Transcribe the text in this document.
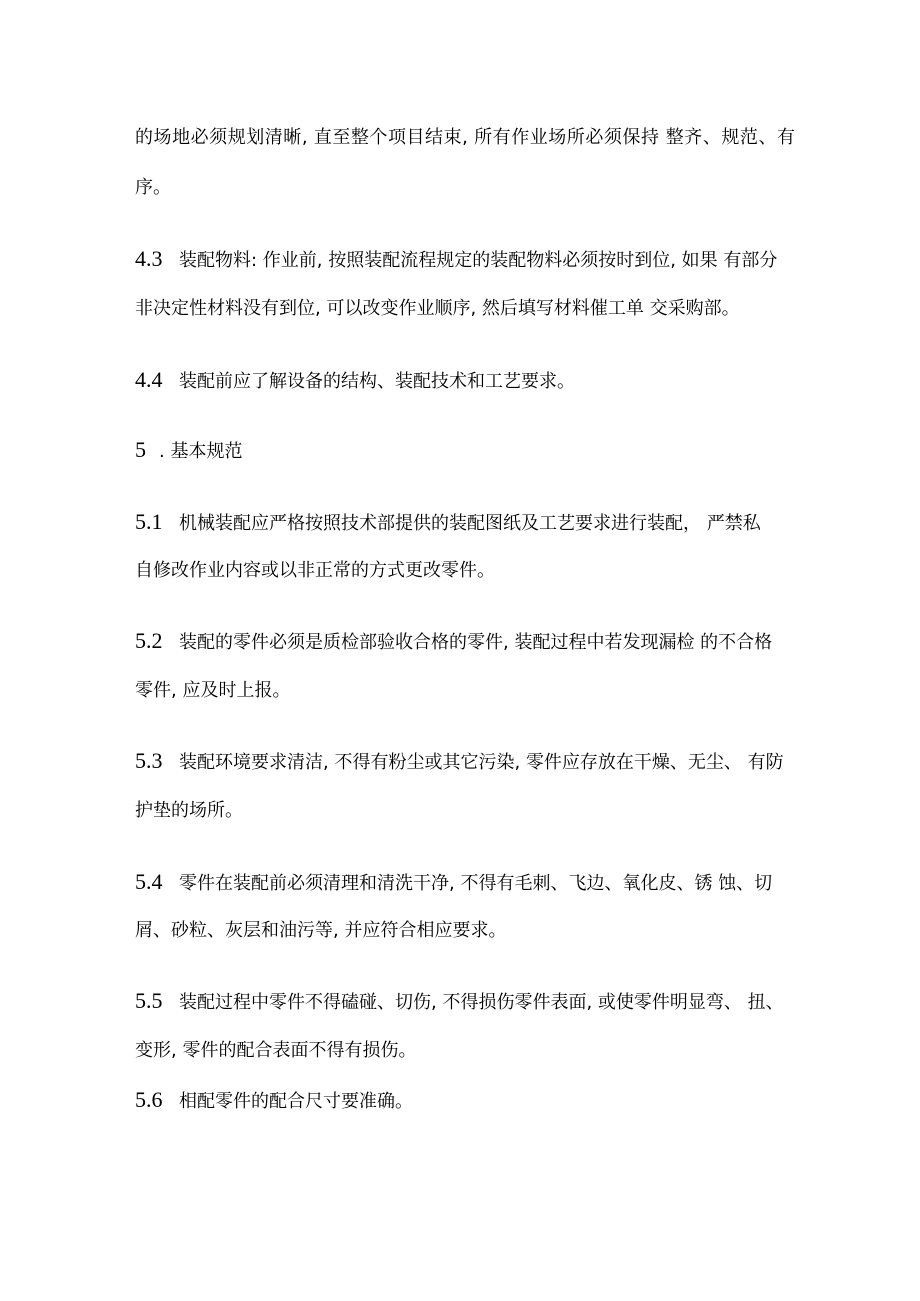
的场地必须规划清晰, 直至整个项目结束, 所有作业场所必须保持 整齐、规范、有
序。
4.3 装配物料: 作业前, 按照装配流程规定的装配物料必须按时到位, 如果 有部分
非决定性材料没有到位, 可以改变作业顺序, 然后填写材料催工单 交采购部。
4.4 装配前应了解设备的结构、装配技术和工艺要求。
5 . 基本规范
5.1 机械装配应严格按照技术部提供的装配图纸及工艺要求进行装配， 严禁私
自修改作业内容或以非正常的方式更改零件。
5.2 装配的零件必须是质检部验收合格的零件, 装配过程中若发现漏检 的不合格
零件, 应及时上报。
5.3 装配环境要求清洁, 不得有粉尘或其它污染, 零件应存放在干燥、无尘、 有防
护垫的场所。
5.4 零件在装配前必须清理和清洗干净, 不得有毛刺、飞边、氧化皮、锈 蚀、切
屑、砂粒、灰层和油污等, 并应符合相应要求。
5.5 装配过程中零件不得磕碰、切伤, 不得损伤零件表面, 或使零件明显弯、 扭、
变形, 零件的配合表面不得有损伤。
5.6 相配零件的配合尺寸要准确。
